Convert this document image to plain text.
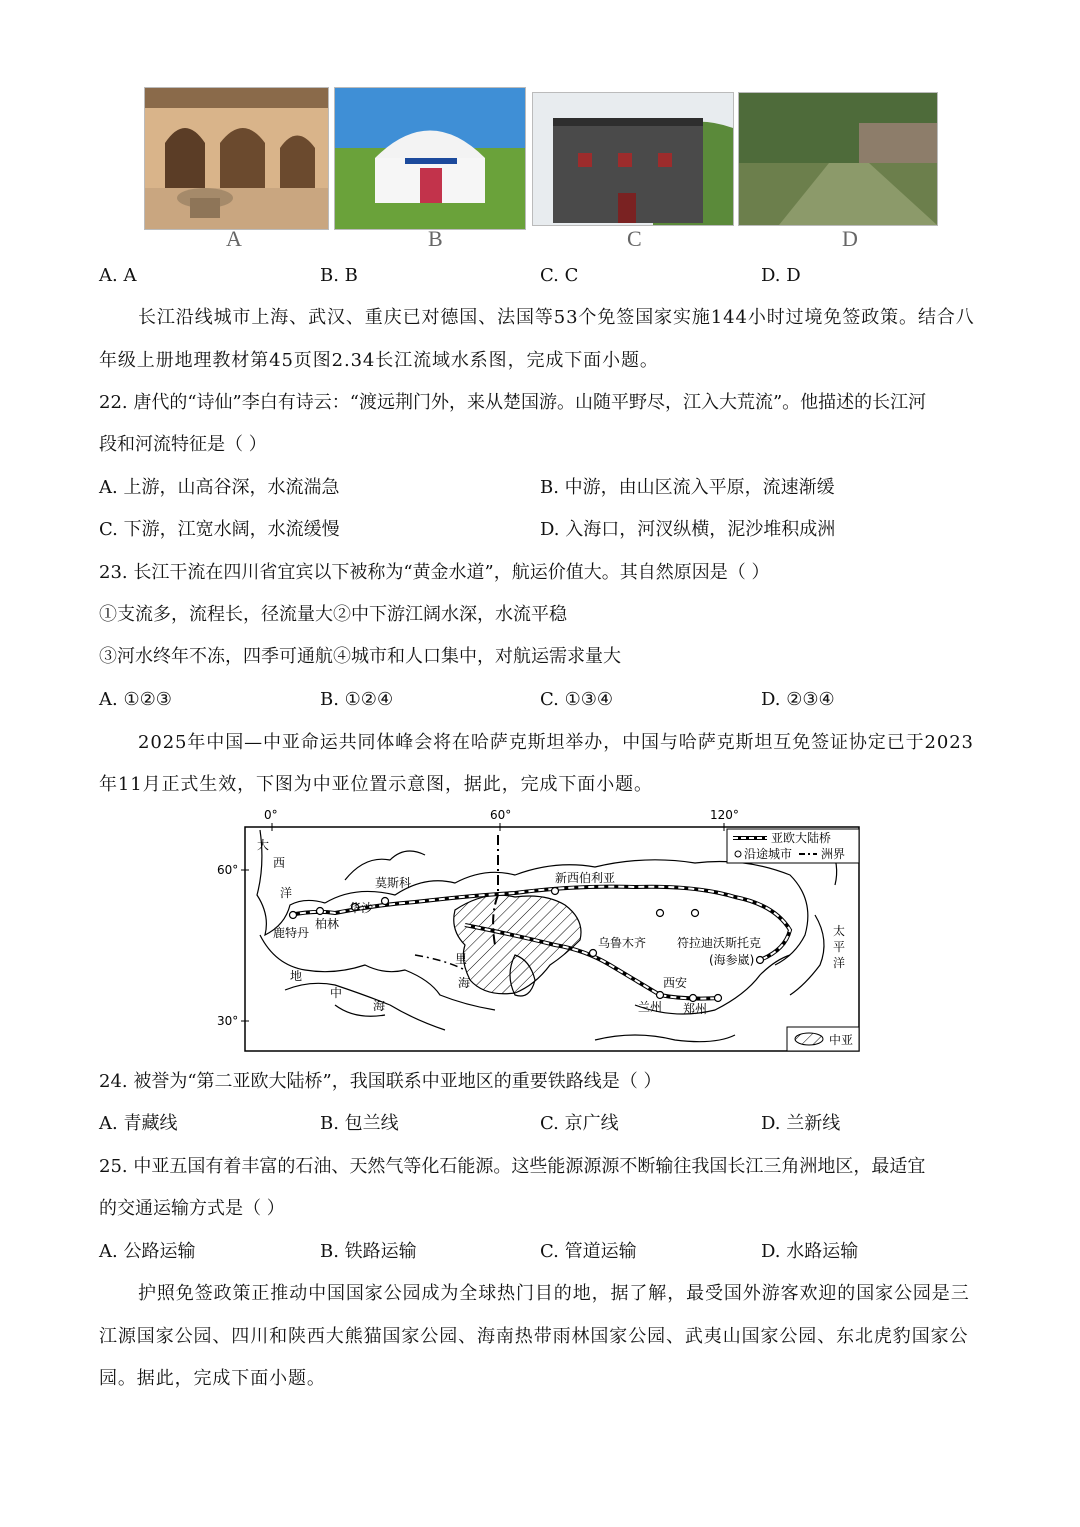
A	B	C	D
A. A	B. B	C. C	D. D
长江沿线城市上海、武汉、重庆已对德国、法国等53个免签国家实施144小时过境免签政策。结合八
年级上册地理教材第45页图2.34长江流域水系图，完成下面小题。
22. 唐代的“诗仙”李白有诗云：“渡远荆门外，来从楚国游。山随平野尽，江入大荒流”。他描述的长江河
段和河流特征是（ ）
A. 上游，山高谷深，水流湍急	B. 中游，由山区流入平原，流速渐缓
C. 下游，江宽水阔，水流缓慢	D. 入海口，河汊纵横，泥沙堆积成洲
23. 长江干流在四川省宜宾以下被称为“黄金水道”，航运价值大。其自然原因是（ ）
①支流多，流程长，径流量大②中下游江阔水深，水流平稳
③河水终年不冻，四季可通航④城市和人口集中，对航运需求量大
A. ①②③	B. ①②④	C. ①③④	D. ②③④
2025年中国—中亚命运共同体峰会将在哈萨克斯坦举办，中国与哈萨克斯坦互免签证协定已于2023
年11月正式生效，下图为中亚位置示意图，据此，完成下面小题。
0°	60°	120°
60°
30°
大
西
洋
太
平
洋
地
中
海
里
海
鹿特丹
柏林
华沙
莫斯科	新西伯利亚
乌鲁木齐	符拉迪沃斯托克
(海参崴)
西安
兰州 郑州
亚欧大陆桥
沿途城市 洲界
中亚
24. 被誉为“第二亚欧大陆桥”，我国联系中亚地区的重要铁路线是（ ）
A. 青藏线	B. 包兰线	C. 京广线	D. 兰新线
25. 中亚五国有着丰富的石油、天然气等化石能源。这些能源源源不断输往我国长江三角洲地区，最适宜
的交通运输方式是（ ）
A. 公路运输	B. 铁路运输	C. 管道运输	D. 水路运输
护照免签政策正推动中国国家公园成为全球热门目的地，据了解，最受国外游客欢迎的国家公园是三
江源国家公园、四川和陕西大熊猫国家公园、海南热带雨林国家公园、武夷山国家公园、东北虎豹国家公
园。据此，完成下面小题。
